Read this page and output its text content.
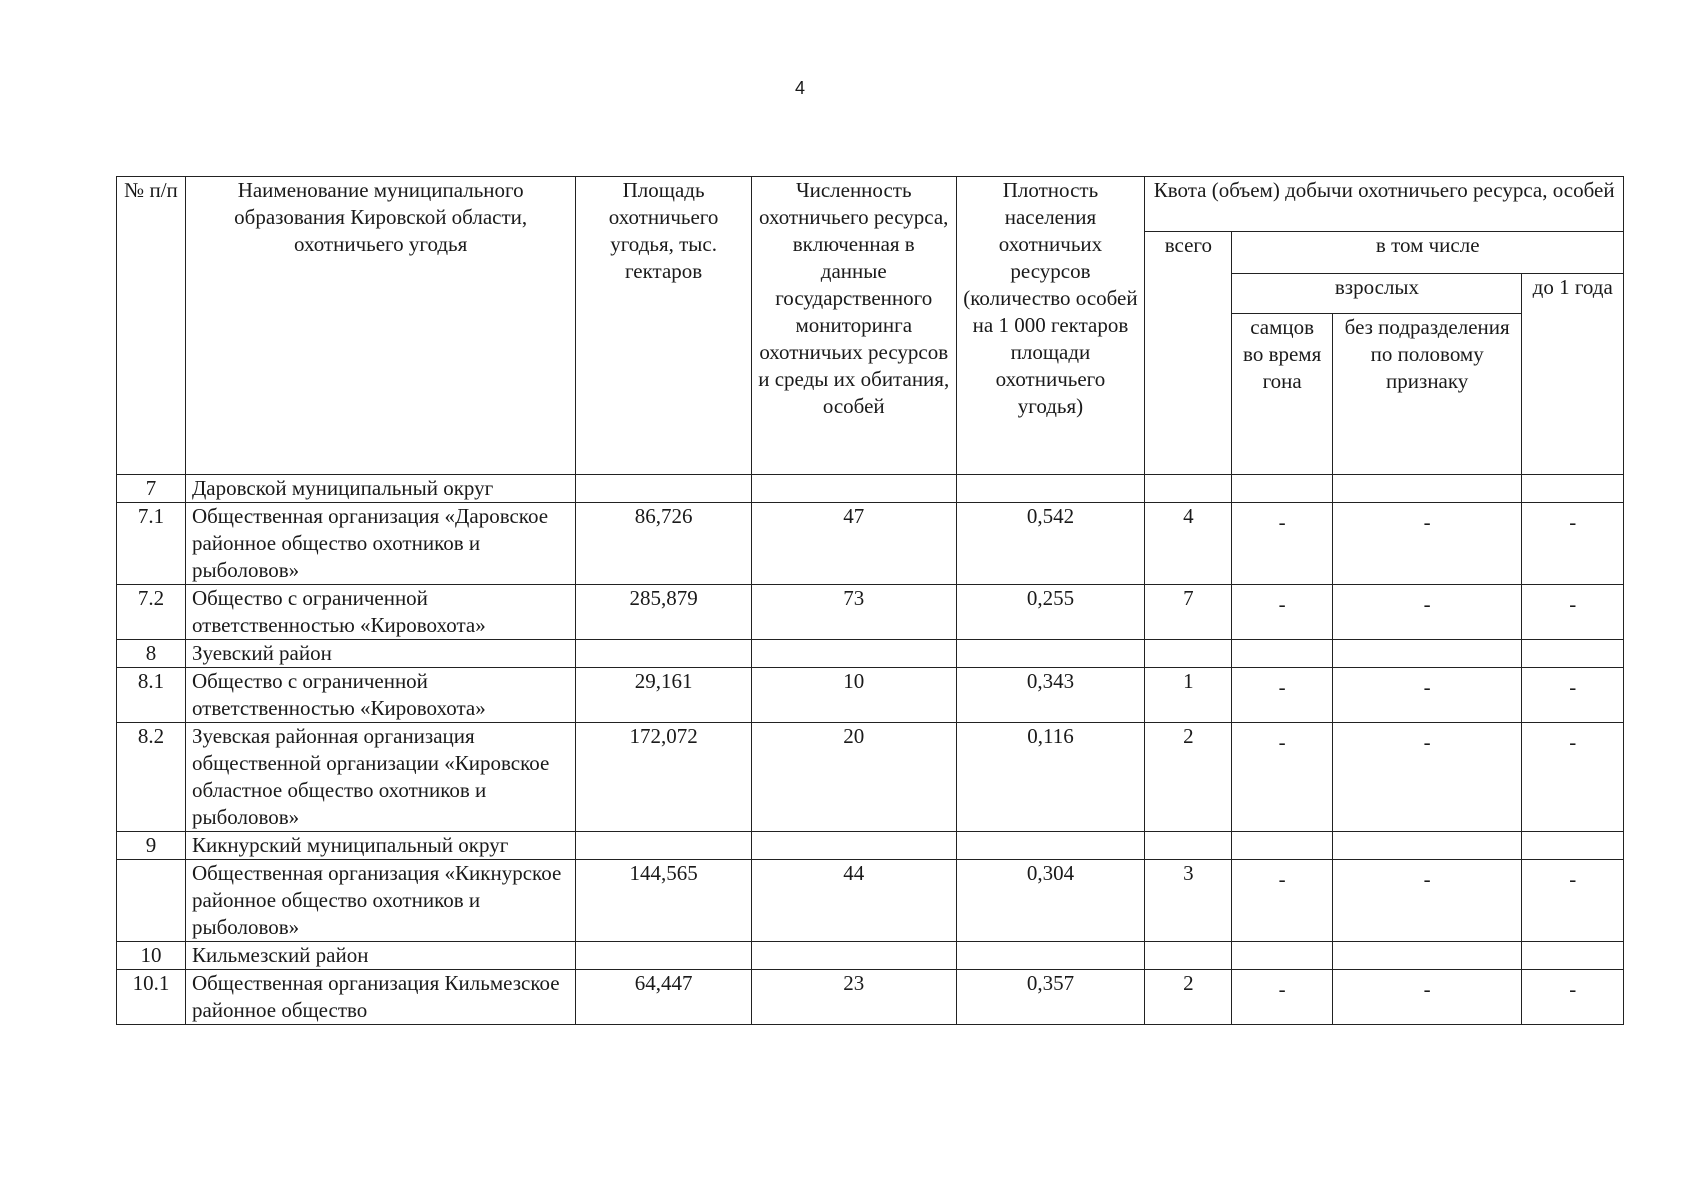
4
№ п/п	Наименование муниципального образования Кировской области, охотничьего угодья	Площадь охотничьего угодья, тыс. гектаров	Численность охотничьего ресурса, включенная в данные государственного мониторинга охотничьих ресурсов и среды их обитания, особей	Плотность населения охотничьих ресурсов (количество особей на 1 000 гектаров площади охотничьего угодья)	Квота (объем) добычи охотничьего ресурса, особей			
					всего	в том числе		
						взрослых		до 1 года
						самцов во время гона	без подразделения по половому признаку	
7	Даровской муниципальный округ							
7.1	Общественная организация «Даровское районное общество охотников и рыболовов»	86,726	47	0,542	4	-	-	-
7.2	Общество с ограниченной ответственностью «Кировохота»	285,879	73	0,255	7	-	-	-
8	Зуевский район							
8.1	Общество с ограниченной ответственностью «Кировохота»	29,161	10	0,343	1	-	-	-
8.2	Зуевская районная организация общественной организации «Кировское областное общество охотников и рыболовов»	172,072	20	0,116	2	-	-	-
9	Кикнурский муниципальный округ							
	Общественная организация «Кикнурское районное общество охотников и рыболовов»	144,565	44	0,304	3	-	-	-
10	Кильмезский район							
10.1	Общественная организация Кильмезское районное общество	64,447	23	0,357	2	-	-	-
